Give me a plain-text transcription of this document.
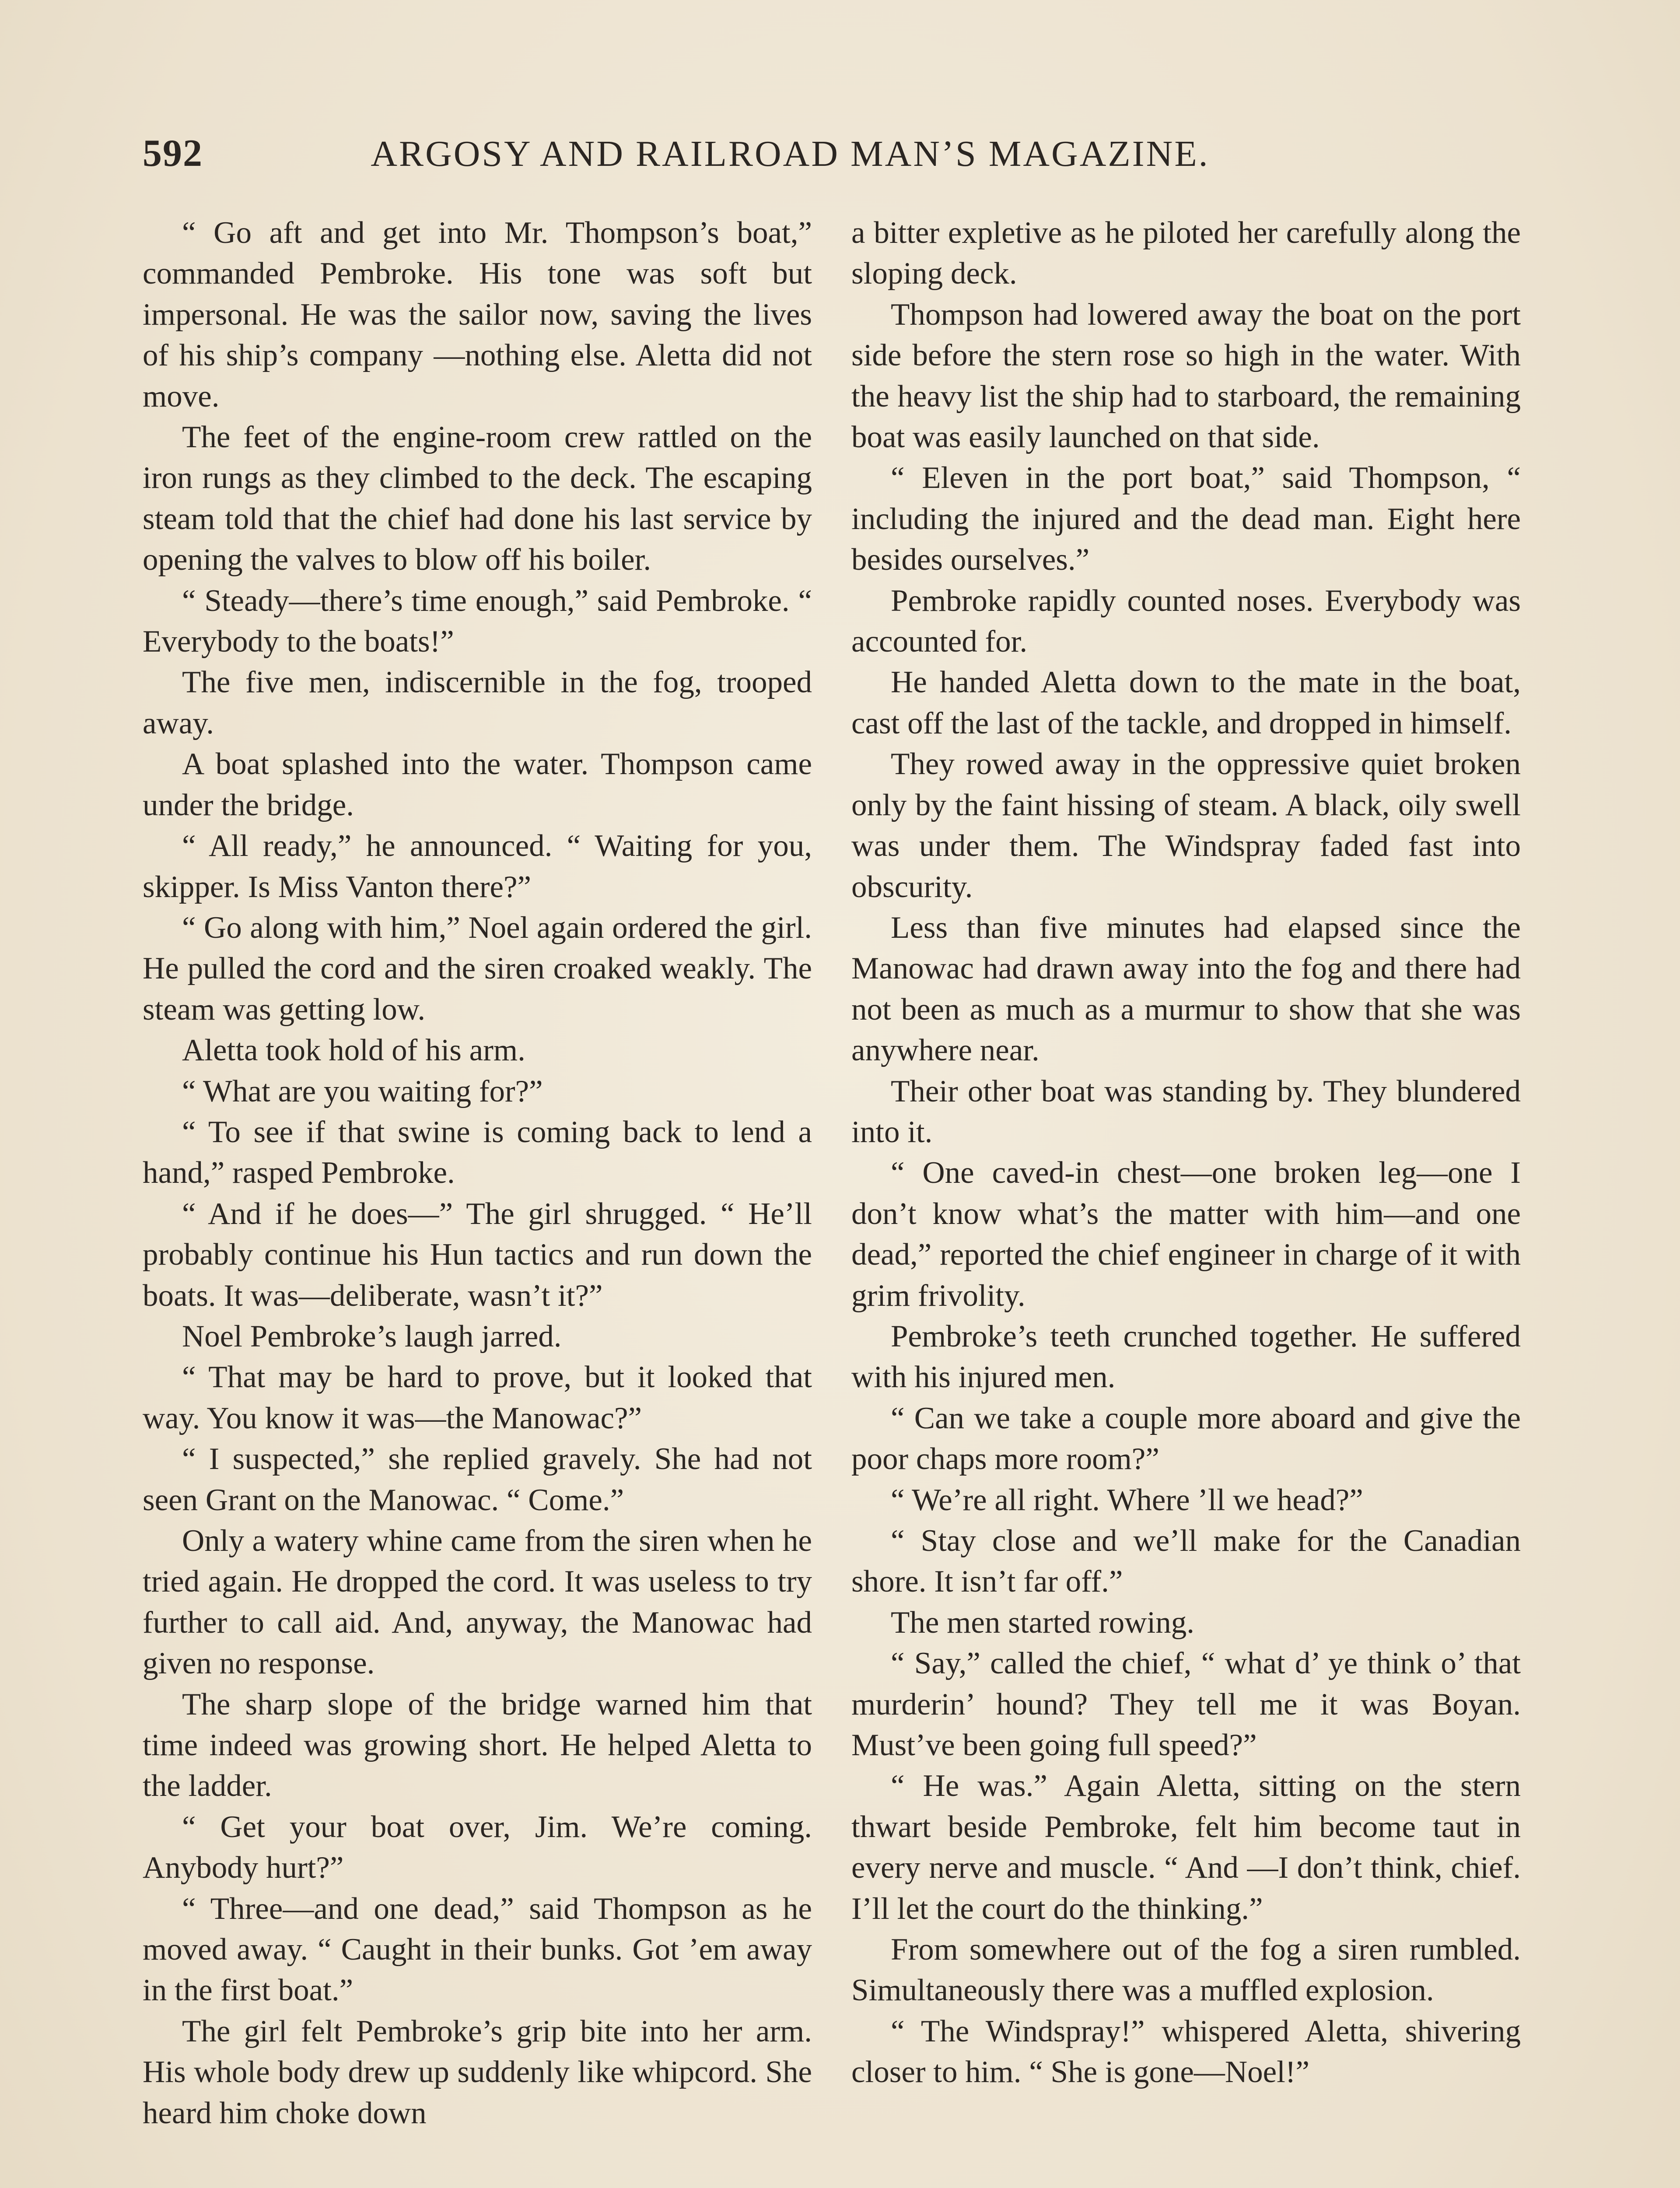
592	ARGOSY AND RAILROAD MAN’S MAGAZINE.

“ Go aft and get into Mr. Thompson’s boat,” commanded Pembroke. His tone was soft but impersonal. He was the sailor now, saving the lives of his ship’s company —nothing else. Aletta did not move.

The feet of the engine-room crew rattled on the iron rungs as they climbed to the deck. The escaping steam told that the chief had done his last service by opening the valves to blow off his boiler.

“ Steady—there’s time enough,” said Pembroke. “ Everybody to the boats!”

The five men, indiscernible in the fog, trooped away.

A boat splashed into the water. Thompson came under the bridge.

“ All ready,” he announced. “ Waiting for you, skipper. Is Miss Vanton there?”

“ Go along with him,” Noel again ordered the girl. He pulled the cord and the siren croaked weakly. The steam was getting low.

Aletta took hold of his arm.

“ What are you waiting for?”

“ To see if that swine is coming back to lend a hand,” rasped Pembroke.

“ And if he does—” The girl shrugged. “ He’ll probably continue his Hun tactics and run down the boats. It was—deliberate, wasn’t it?”

Noel Pembroke’s laugh jarred.

“ That may be hard to prove, but it looked that way. You know it was—the Manowac?”

“ I suspected,” she replied gravely. She had not seen Grant on the Manowac. “ Come.”

Only a watery whine came from the siren when he tried again. He dropped the cord. It was useless to try further to call aid. And, anyway, the Manowac had given no response.

The sharp slope of the bridge warned him that time indeed was growing short. He helped Aletta to the ladder.

“ Get your boat over, Jim. We’re coming. Anybody hurt?”

“ Three—and one dead,” said Thompson as he moved away. “ Caught in their bunks. Got ’em away in the first boat.”

The girl felt Pembroke’s grip bite into her arm. His whole body drew up suddenly like whipcord. She heard him choke down

a bitter expletive as he piloted her carefully along the sloping deck.

Thompson had lowered away the boat on the port side before the stern rose so high in the water. With the heavy list the ship had to starboard, the remaining boat was easily launched on that side.

“ Eleven in the port boat,” said Thompson, “ including the injured and the dead man. Eight here besides ourselves.”

Pembroke rapidly counted noses. Everybody was accounted for.

He handed Aletta down to the mate in the boat, cast off the last of the tackle, and dropped in himself.

They rowed away in the oppressive quiet broken only by the faint hissing of steam. A black, oily swell was under them. The Windspray faded fast into obscurity.

Less than five minutes had elapsed since the Manowac had drawn away into the fog and there had not been as much as a murmur to show that she was anywhere near.

Their other boat was standing by. They blundered into it.

“ One caved-in chest—one broken leg—one I don’t know what’s the matter with him—and one dead,” reported the chief engineer in charge of it with grim frivolity.

Pembroke’s teeth crunched together. He suffered with his injured men.

“ Can we take a couple more aboard and give the poor chaps more room?”

“ We’re all right. Where ’ll we head?”

“ Stay close and we’ll make for the Canadian shore. It isn’t far off.”

The men started rowing.

“ Say,” called the chief, “ what d’ ye think o’ that murderin’ hound? They tell me it was Boyan. Must’ve been going full speed?”

“ He was.” Again Aletta, sitting on the stern thwart beside Pembroke, felt him become taut in every nerve and muscle. “ And —I don’t think, chief. I’ll let the court do the thinking.”

From somewhere out of the fog a siren rumbled. Simultaneously there was a muffled explosion.

“ The Windspray!” whispered Aletta, shivering closer to him. “ She is gone—Noel!”
